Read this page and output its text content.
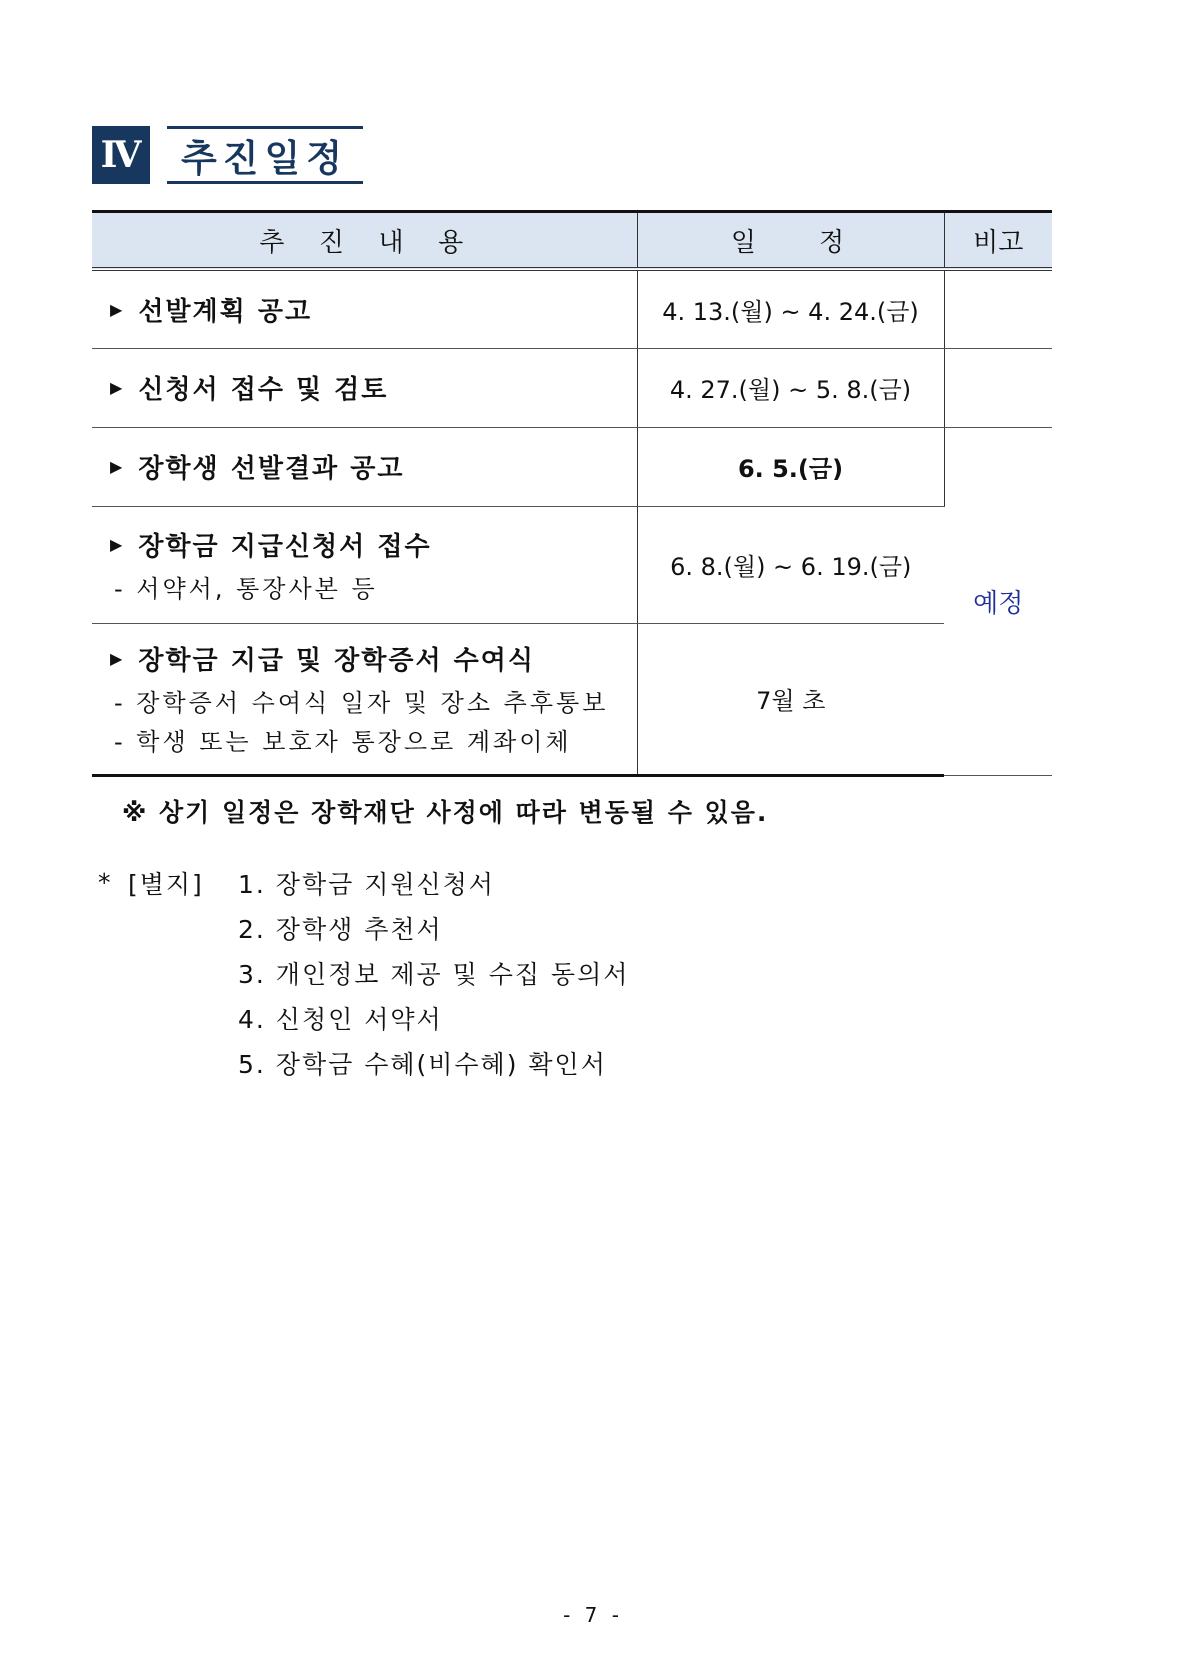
Ⅳ	추진일정
추  진  내  용	일    정	비고

▶ 선발계획 공고	4. 13.(월) ~ 4. 24.(금)	

▶ 신청서 접수 및 검토	4. 27.(월) ~ 5. 8.(금)	

▶ 장학생 선발결과 공고	6. 5.(금)	예정

▶ 장학금 지급신청서 접수
- 서약서, 통장사본 등	6. 8.(월) ~ 6. 19.(금)	

▶ 장학금 지급 및 장학증서 수여식
- 장학증서 수여식 일자 및 장소 추후통보
- 학생 또는 보호자 통장으로 계좌이체	7월 초	
※ 상기 일정은 장학재단 사정에 따라 변동될 수 있음.
* [별지]	1. 장학금 지원신청서
2. 장학생 추천서
3. 개인정보 제공 및 수집 동의서
4. 신청인 서약서
5. 장학금 수혜(비수혜) 확인서
- 7 -
